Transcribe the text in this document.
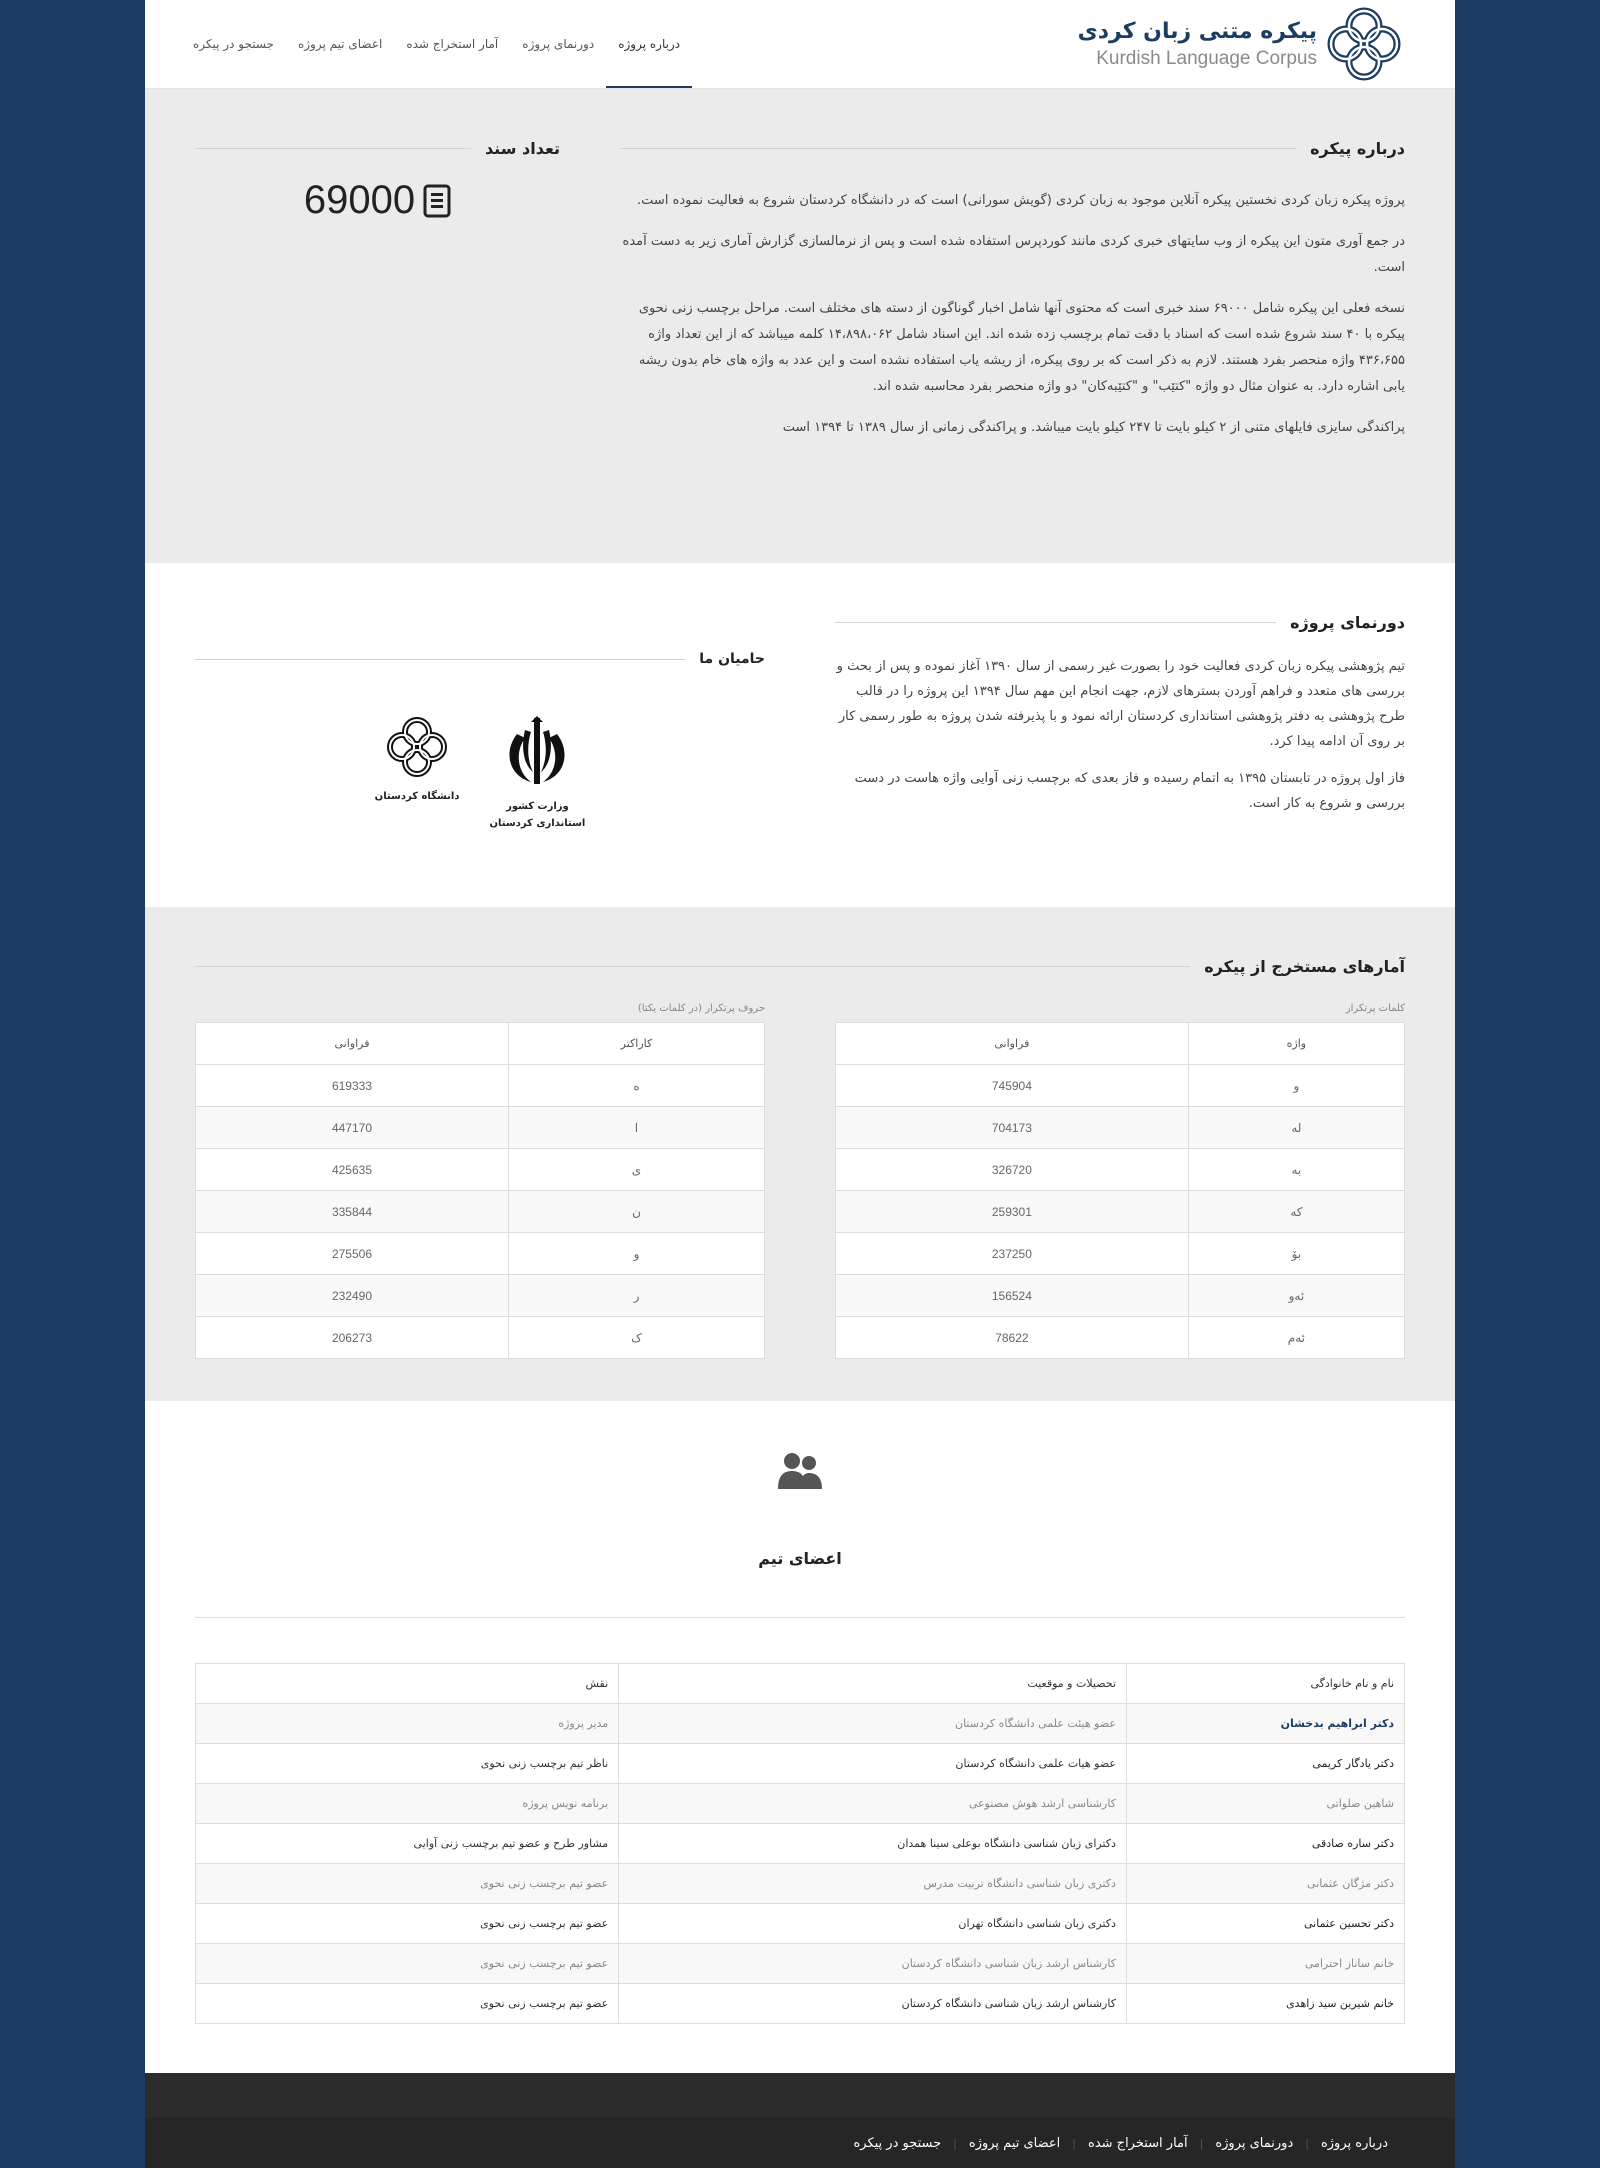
پیکره متنی زبان کردی
Kurdish Language Corpus
جستجو در پیکره	اعضای تیم پروژه	آمار استخراج شده	دورنمای پروژه	درباره پروژه
درباره پیکره

پروژه پیکره زبان کردی نخستین پیکره آنلاین موجود به زبان کردی (گویش سورانی) است که در دانشگاه کردستان شروع به فعالیت نموده است.

در جمع آوری متون این پیکره از وب سایتهای خبری کردی مانند کوردپرس استفاده شده است و پس از نرمالسازی گزارش آماری زیر به دست آمده است.

نسخه فعلی این پیکره شامل ۶۹۰۰۰ سند خبری است که محتوی آنها شامل اخبار گوناگون از دسته های مختلف است. مراحل برچسب زنی نحوی پیکره با ۴۰ سند شروع شده است که اسناد با دقت تمام برچسب زده شده اند. این اسناد شامل ۱۴،۸۹۸،۰۶۲ کلمه میباشد که از این تعداد واژه ۴۳۶،۶۵۵ واژه منحصر بفرد هستند. لازم به ذکر است که بر روی پیکره، از ریشه یاب استفاده نشده است و این عدد به واژه های خام بدون ریشه یابی اشاره دارد. به عنوان مثال دو واژه "کتێب" و "کتێبەکان" دو واژه منحصر بفرد محاسبه شده اند.

پراکندگی سایزی فایلهای متنی از ۲ کیلو بایت تا ۲۴۷ کیلو بایت میباشد. و پراکندگی زمانی از سال ۱۳۸۹ تا ۱۳۹۴ است

تعداد سند
69000
دورنمای پروژه

تیم پژوهشی پیکره زبان کردی فعالیت خود را بصورت غیر رسمی از سال ۱۳۹۰ آغاز نموده و پس از بحث و بررسی های متعدد و فراهم آوردن بسترهای لازم، جهت انجام این مهم سال ۱۳۹۴ این پروژه را در قالب طرح پژوهشی به دفتر پژوهشی استانداری کردستان ارائه نمود و با پذیرفته شدن پروژه به طور رسمی کار بر روی آن ادامه پیدا کرد.

فاز اول پروژه در تابستان ۱۳۹۵ به اتمام رسیده و فاز بعدی که برچسب زنی آوایی واژه هاست در دست بررسی و شروع به کار است.

حامیان ما
وزارت کشور
استانداری کردستان
دانشگاه کردستان
آمارهای مستخرج از پیکره
کلمات پرتکرار
واژه	فراوانی
و	745904
لە	704173
بە	326720
کە	259301
بۆ	237250
ئەو	156524
ئەم	78622
حروف پرتکرار (در کلمات یکتا)
کاراکتر	فراوانی
ە	619333
ا	447170
ی	425635
ن	335844
و	275506
ر	232490
ک	206273
اعضای تیم
نام و نام خانوادگی	تحصیلات و موقعیت	نقش
دکتر ابراهیم بدخشان	عضو هیئت علمی دانشگاه کردستان	مدیر پروژه
دکتر یادگار کریمی	عضو هیات علمی دانشگاه کردستان	ناظر تیم برچسب زنی نحوی
شاهین صلواتی	کارشناسی ارشد هوش مصنوعی	برنامه نویس پروژه
دکتر ساره صادقی	دکترای زبان شناسی دانشگاه بوعلی سینا همدان	مشاور طرح و عضو تیم برچسب زنی آوایی
دکتر مژگان عثمانی	دکتری زبان شناسی دانشگاه تربیت مدرس	عضو تیم برچسب زنی نحوی
دکتر تحسین عثمانی	دکتری زبان شناسی دانشگاه تهران	عضو تیم برچسب زنی نحوی
خانم ساناز احترامی	کارشناس ارشد زبان شناسی دانشگاه کردستان	عضو تیم برچسب زنی نحوی
خانم شیرین سید زاهدی	کارشناس ارشد زبان شناسی دانشگاه کردستان	عضو تیم برچسب زنی نحوی
درباره پروژه
|
دورنمای پروژه
|
آمار استخراج شده
|
اعضای تیم پروژه
|
جستجو در پیکره
